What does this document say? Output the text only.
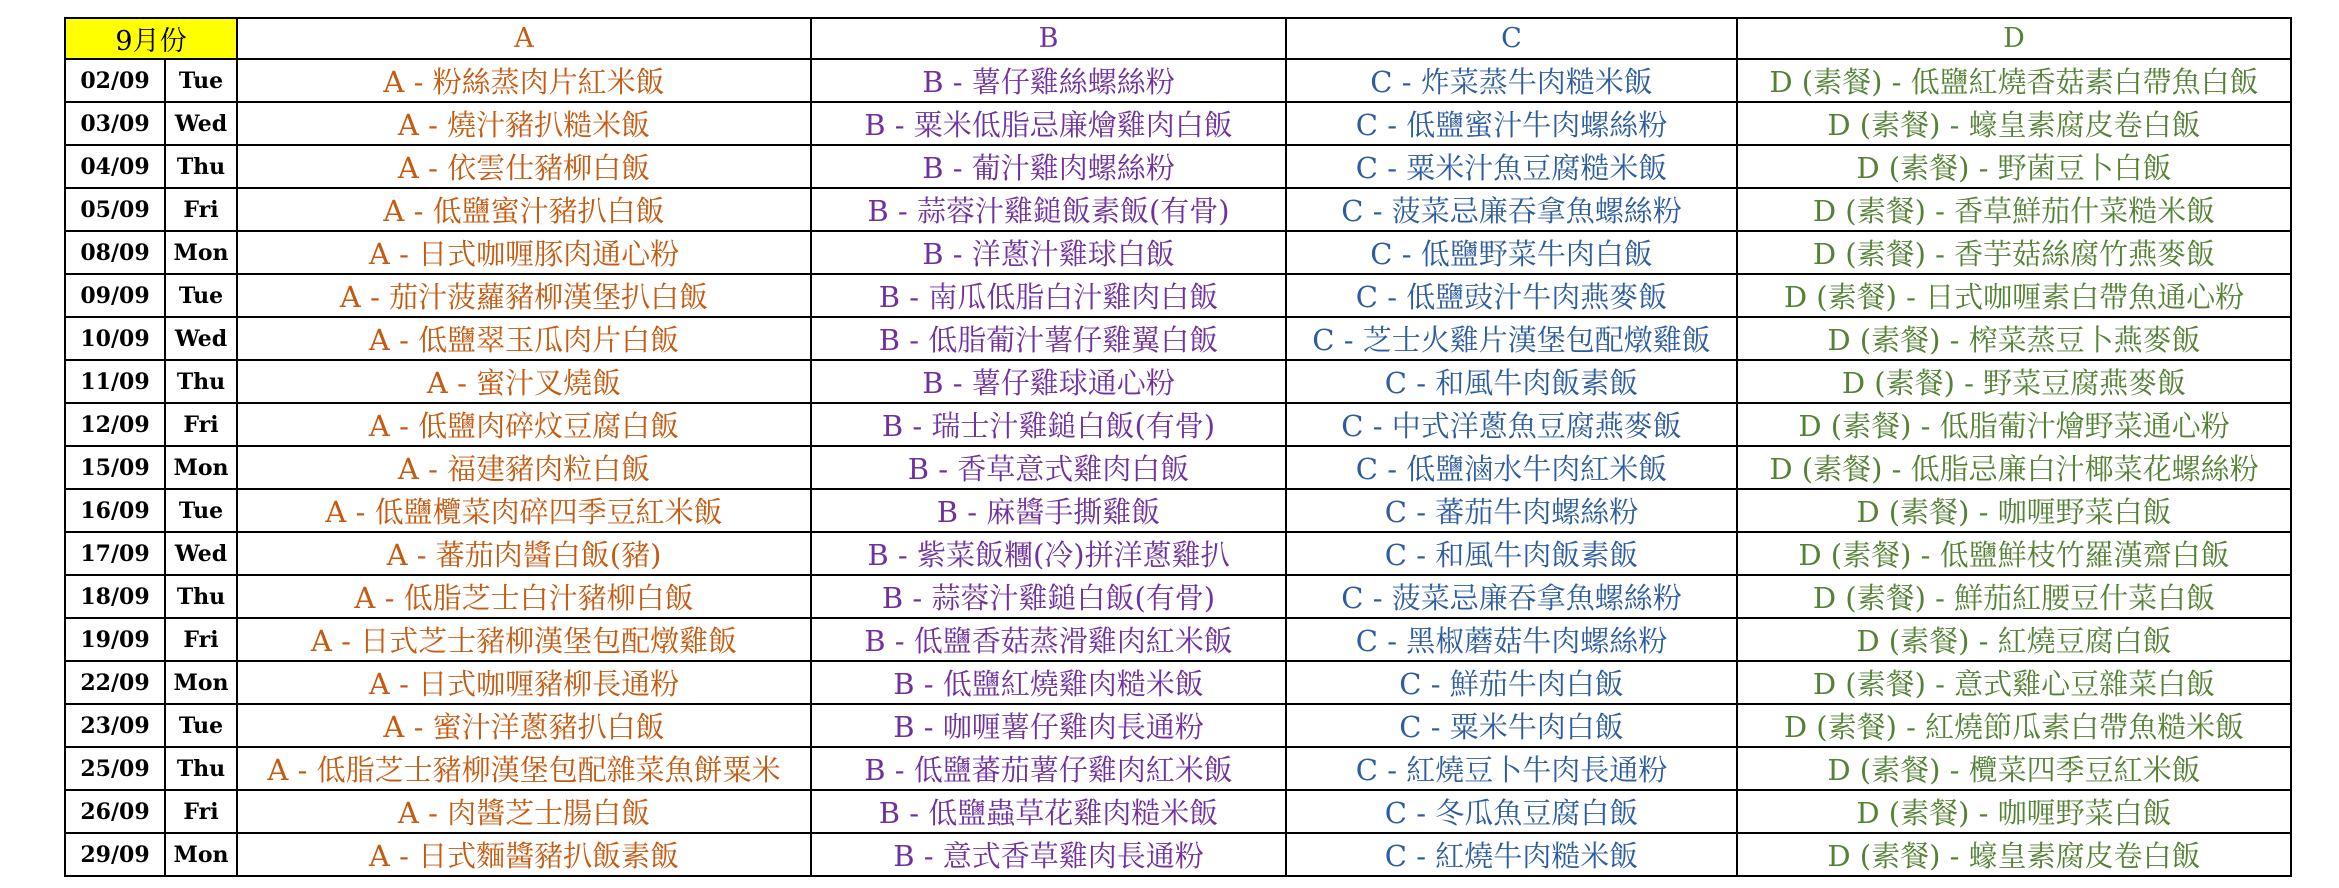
9月份		A	B	C	D
02/09	Tue	A - 粉絲蒸肉片紅米飯	B - 薯仔雞絲螺絲粉	C - 炸菜蒸牛肉糙米飯	D (素餐) - 低鹽紅燒香菇素白帶魚白飯
03/09	Wed	A - 燒汁豬扒糙米飯	B - 粟米低脂忌廉燴雞肉白飯	C - 低鹽蜜汁牛肉螺絲粉	D (素餐) - 蠔皇素腐皮卷白飯
04/09	Thu	A - 依雲仕豬柳白飯	B - 葡汁雞肉螺絲粉	C - 粟米汁魚豆腐糙米飯	D (素餐) - 野菌豆卜白飯
05/09	Fri	A - 低鹽蜜汁豬扒白飯	B - 蒜蓉汁雞鎚飯素飯(有骨)	C - 菠菜忌廉吞拿魚螺絲粉	D (素餐) - 香草鮮茄什菜糙米飯
08/09	Mon	A - 日式咖喱豚肉通心粉	B - 洋蔥汁雞球白飯	C - 低鹽野菜牛肉白飯	D (素餐) - 香芋菇絲腐竹燕麥飯
09/09	Tue	A - 茄汁菠蘿豬柳漢堡扒白飯	B - 南瓜低脂白汁雞肉白飯	C - 低鹽豉汁牛肉燕麥飯	D (素餐) - 日式咖喱素白帶魚通心粉
10/09	Wed	A - 低鹽翠玉瓜肉片白飯	B - 低脂葡汁薯仔雞翼白飯	C - 芝士火雞片漢堡包配燉雞飯	D (素餐) - 榨菜蒸豆卜燕麥飯
11/09	Thu	A - 蜜汁叉燒飯	B - 薯仔雞球通心粉	C - 和風牛肉飯素飯	D (素餐) - 野菜豆腐燕麥飯
12/09	Fri	A - 低鹽肉碎炆豆腐白飯	B - 瑞士汁雞鎚白飯(有骨)	C - 中式洋蔥魚豆腐燕麥飯	D (素餐) - 低脂葡汁燴野菜通心粉
15/09	Mon	A - 福建豬肉粒白飯	B - 香草意式雞肉白飯	C - 低鹽滷水牛肉紅米飯	D (素餐) - 低脂忌廉白汁椰菜花螺絲粉
16/09	Tue	A - 低鹽欖菜肉碎四季豆紅米飯	B - 麻醬手撕雞飯	C - 蕃茄牛肉螺絲粉	D (素餐) - 咖喱野菜白飯
17/09	Wed	A - 蕃茄肉醬白飯(豬)	B - 紫菜飯糰(冷)拼洋蔥雞扒	C - 和風牛肉飯素飯	D (素餐) - 低鹽鮮枝竹羅漢齋白飯
18/09	Thu	A - 低脂芝士白汁豬柳白飯	B - 蒜蓉汁雞鎚白飯(有骨)	C - 菠菜忌廉吞拿魚螺絲粉	D (素餐) - 鮮茄紅腰豆什菜白飯
19/09	Fri	A - 日式芝士豬柳漢堡包配燉雞飯	B - 低鹽香菇蒸滑雞肉紅米飯	C - 黑椒蘑菇牛肉螺絲粉	D (素餐) - 紅燒豆腐白飯
22/09	Mon	A - 日式咖喱豬柳長通粉	B - 低鹽紅燒雞肉糙米飯	C - 鮮茄牛肉白飯	D (素餐) - 意式雞心豆雜菜白飯
23/09	Tue	A - 蜜汁洋蔥豬扒白飯	B - 咖喱薯仔雞肉長通粉	C - 粟米牛肉白飯	D (素餐) - 紅燒節瓜素白帶魚糙米飯
25/09	Thu	A - 低脂芝士豬柳漢堡包配雜菜魚餅粟米	B - 低鹽蕃茄薯仔雞肉紅米飯	C - 紅燒豆卜牛肉長通粉	D (素餐) - 欖菜四季豆紅米飯
26/09	Fri	A - 肉醬芝士腸白飯	B - 低鹽蟲草花雞肉糙米飯	C - 冬瓜魚豆腐白飯	D (素餐) - 咖喱野菜白飯
29/09	Mon	A - 日式麵醬豬扒飯素飯	B - 意式香草雞肉長通粉	C - 紅燒牛肉糙米飯	D (素餐) - 蠔皇素腐皮卷白飯
